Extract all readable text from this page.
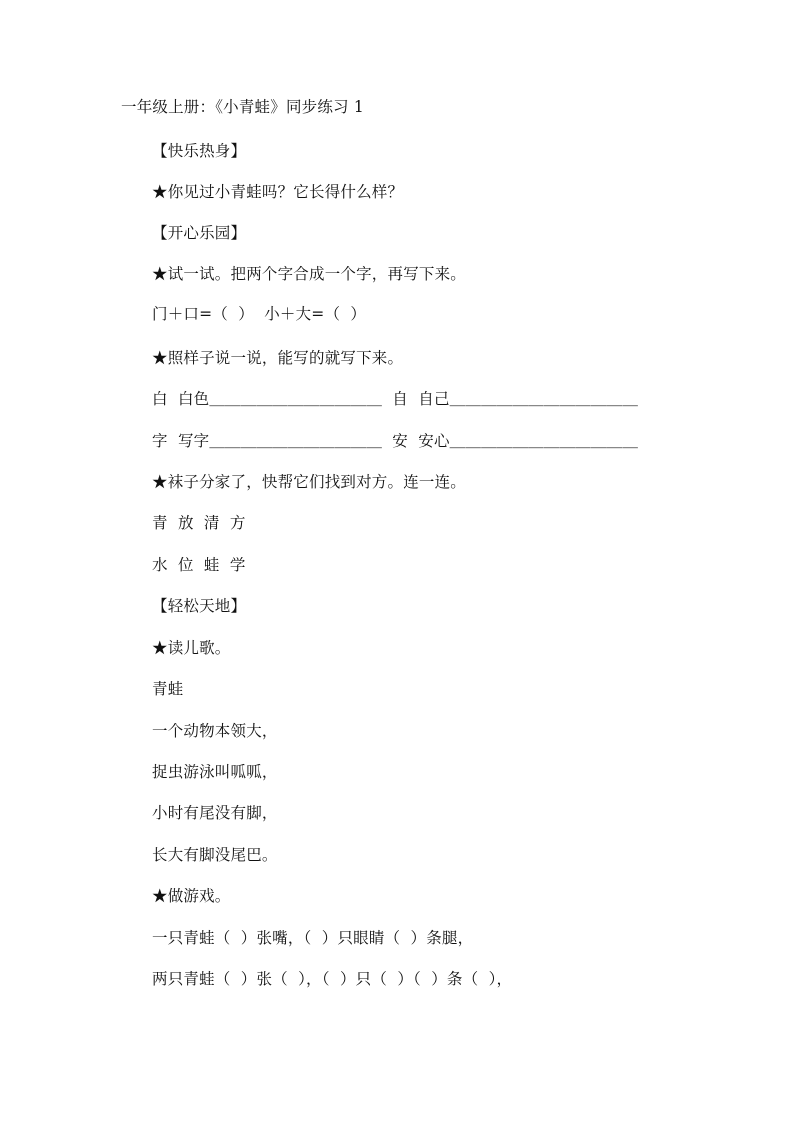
一年级上册：《小青蛙》同步练习 1
【快乐热身】
★你见过小青蛙吗？它长得什么样？
【开心乐园】
★试一试。把两个字合成一个字，再写下来。
门＋口=（  ）  小＋大=（  ）
★照样子说一说，能写的就写下来。
白  白色＿＿＿＿＿＿＿＿＿＿＿  自  自己＿＿＿＿＿＿＿＿＿＿＿＿
字  写字＿＿＿＿＿＿＿＿＿＿＿  安  安心＿＿＿＿＿＿＿＿＿＿＿＿
★袜子分家了，快帮它们找到对方。连一连。
青  放  清  方
水  位  蛙  学
【轻松天地】
★读儿歌。
青蛙
一个动物本领大，
捉虫游泳叫呱呱，
小时有尾没有脚，
长大有脚没尾巴。
★做游戏。
一只青蛙（  ）张嘴，（  ）只眼睛（  ）条腿，
两只青蛙（  ）张（  ），（  ）只（  ）（  ）条（  ），
